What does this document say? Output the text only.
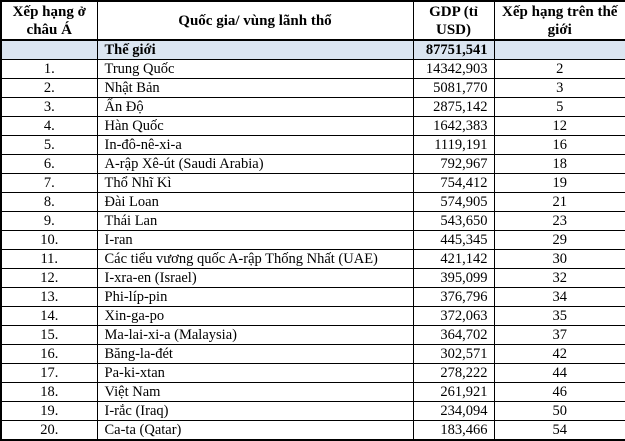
Xếp hạng ở châu Á	Quốc gia/ vùng lãnh thổ	GDP (tỉ USD)	Xếp hạng trên thế giới
	Thế giới	87751,541	
1.	Trung Quốc	14342,903	2
2.	Nhật Bản	5081,770	3
3.	Ấn Độ	2875,142	5
4.	Hàn Quốc	1642,383	12
5.	In-đô-nê-xi-a	1119,191	16
6.	A-rập Xê-út (Saudi Arabia)	792,967	18
7.	Thổ Nhĩ Kì	754,412	19
8.	Đài Loan	574,905	21
9.	Thái Lan	543,650	23
10.	I-ran	445,345	29
11.	Các tiểu vương quốc A-rập Thống Nhất (UAE)	421,142	30
12.	I-xra-en (Israel)	395,099	32
13.	Phi-líp-pin	376,796	34
14.	Xin-ga-po	372,063	35
15.	Ma-lai-xi-a (Malaysia)	364,702	37
16.	Băng-la-đét	302,571	42
17.	Pa-ki-xtan	278,222	44
18.	Việt Nam	261,921	46
19.	I-rắc (Iraq)	234,094	50
20.	Ca-ta (Qatar)	183,466	54
